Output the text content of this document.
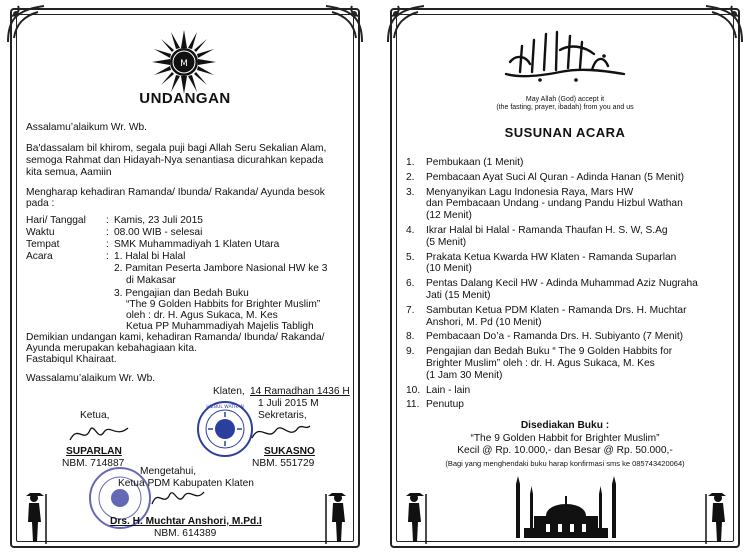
M
UNDANGAN
Assalamu’alaikum Wr. Wb.
Ba'dassalam bil khirom, segala puji bagi Allah Seru Sekalian Alam,
semoga Rahmat dan Hidayah-Nya senantiasa dicurahkan kepada
kita semua, Aamiin
Mengharap kehadiran Ramanda/ Ibunda/ Rakanda/ Ayunda besok
pada :
Hari/ Tanggal : Kamis, 23 Juli 2015
Waktu	: 08.00 WIB - selesai
Tempat	: SMK Muhammadiyah 1 Klaten Utara
Acara	: 1. Halal bi Halal
2. Pamitan Peserta Jambore Nasional HW ke 3
di Makasar
3. Pengajian dan Bedah Buku
“The 9 Golden Habbits for Brighter Muslim”
oleh : dr. H. Agus Sukaca, M. Kes
Ketua PP Muhammadiyah Majelis Tabligh
Demikian undangan kami, kehadiran Ramanda/ Ibunda/ Rakanda/
Ayunda merupakan kebahagiaan kita.
Fastabiqul Khairaat.
Wassalamu’alaikum Wr. Wb.
Klaten, 14 Ramadhan 1436 H
1 Juli 2015 M
HIZBUL WATHAN
Ketua,
SUPARLAN
NBM. 714887
Sekretaris,
SUKASNO
NBM. 551729
Mengetahui,
Ketua PDM Kabupaten Klaten
Drs. H. Muchtar Anshori, M.Pd.I
NBM. 614389
May Allah (God) accept it
(the fasting, prayer, ibadah) from you and us
SUSUNAN ACARA
1. Pembukaan (1 Menit)
2. Pembacaan Ayat Suci Al Quran - Adinda Hanan (5 Menit)
3. Menyanyikan Lagu Indonesia Raya, Mars HW
dan Pembacaan Undang - undang Pandu Hizbul Wathan
(12 Menit)
4. Ikrar Halal bi Halal - Ramanda Thaufan H. S. W, S.Ag
(5 Menit)
5. Prakata Ketua Kwarda HW Klaten - Ramanda Suparlan
(10 Menit)
6. Pentas Dalang Kecil HW - Adinda Muhammad Aziz Nugraha
Jati (15 Menit)
7. Sambutan Ketua PDM Klaten - Ramanda Drs. H. Muchtar
Anshori, M. Pd (10 Menit)
8. Pembacaan Do’a - Ramanda Drs. H. Subiyanto (7 Menit)
9. Pengajian dan Bedah Buku “ The 9 Golden Habbits for
Brighter Muslim” oleh : dr. H. Agus Sukaca, M. Kes
(1 Jam 30 Menit)
10. Lain - lain
11. Penutup
Disediakan Buku :
“The 9 Golden Habbit for Brighter Muslim”
Kecil @ Rp. 10.000,- dan Besar @ Rp. 50.000,-
(Bagi yang menghendaki buku harap konfirmasi sms ke 085743420064)
